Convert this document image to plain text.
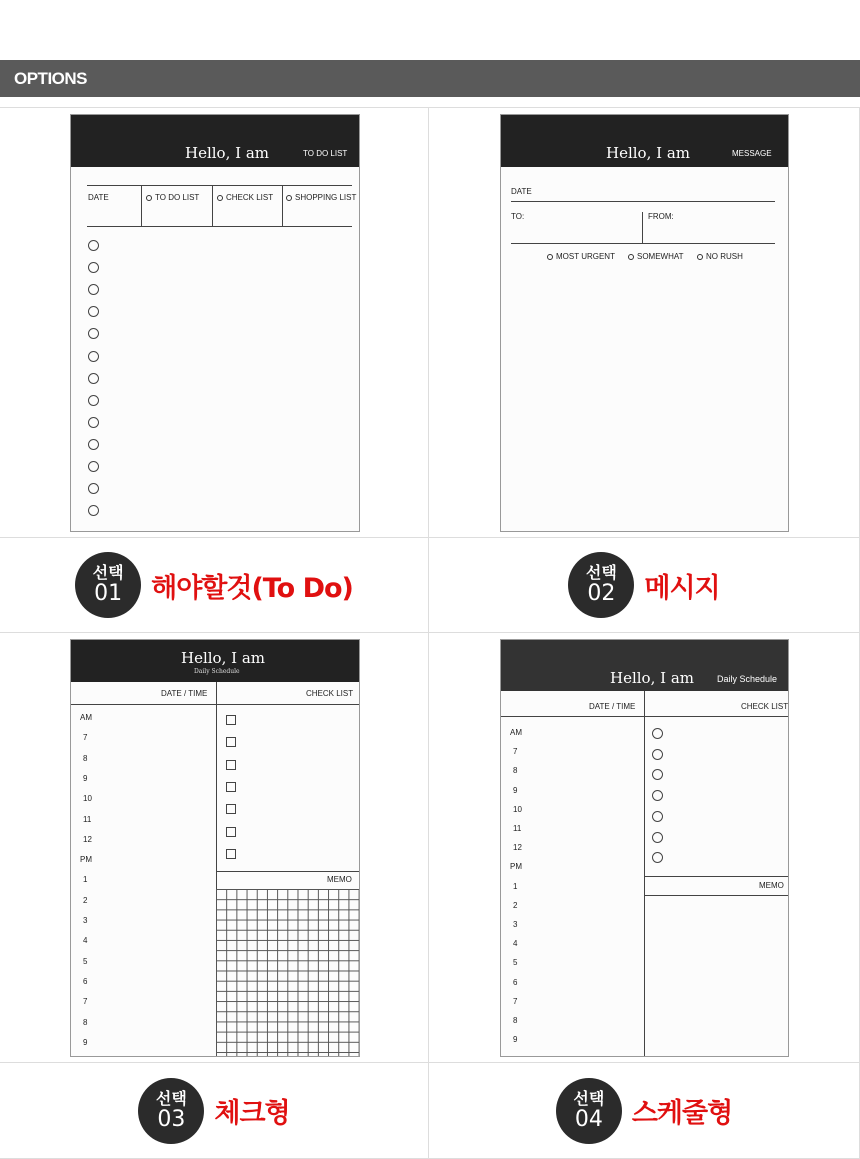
OPTIONS
Hello, I am	TO DO LIST
DATE	TO DO LIST	CHECK LIST	SHOPPING LIST
Hello, I am	MESSAGE
DATE
TO:	FROM:
MOST URGENT	SOMEWHAT	NO RUSH
선택
01 해야할것(To Do)	선택
02 메시지
Hello, I am
Daily Schedule
DATE / TIME	CHECK LIST
AM
7
8
9
10
11
12
PM
1
2
3
4
5
6
7
8
9
MEMO
Hello, I am	Daily Schedule
DATE / TIME	CHECK LIST
AM
7
8
9
10
11
12
PM
1
2
3
4
5
6
7
8
9
MEMO
선택
03 체크형	선택
04 스케줄형
